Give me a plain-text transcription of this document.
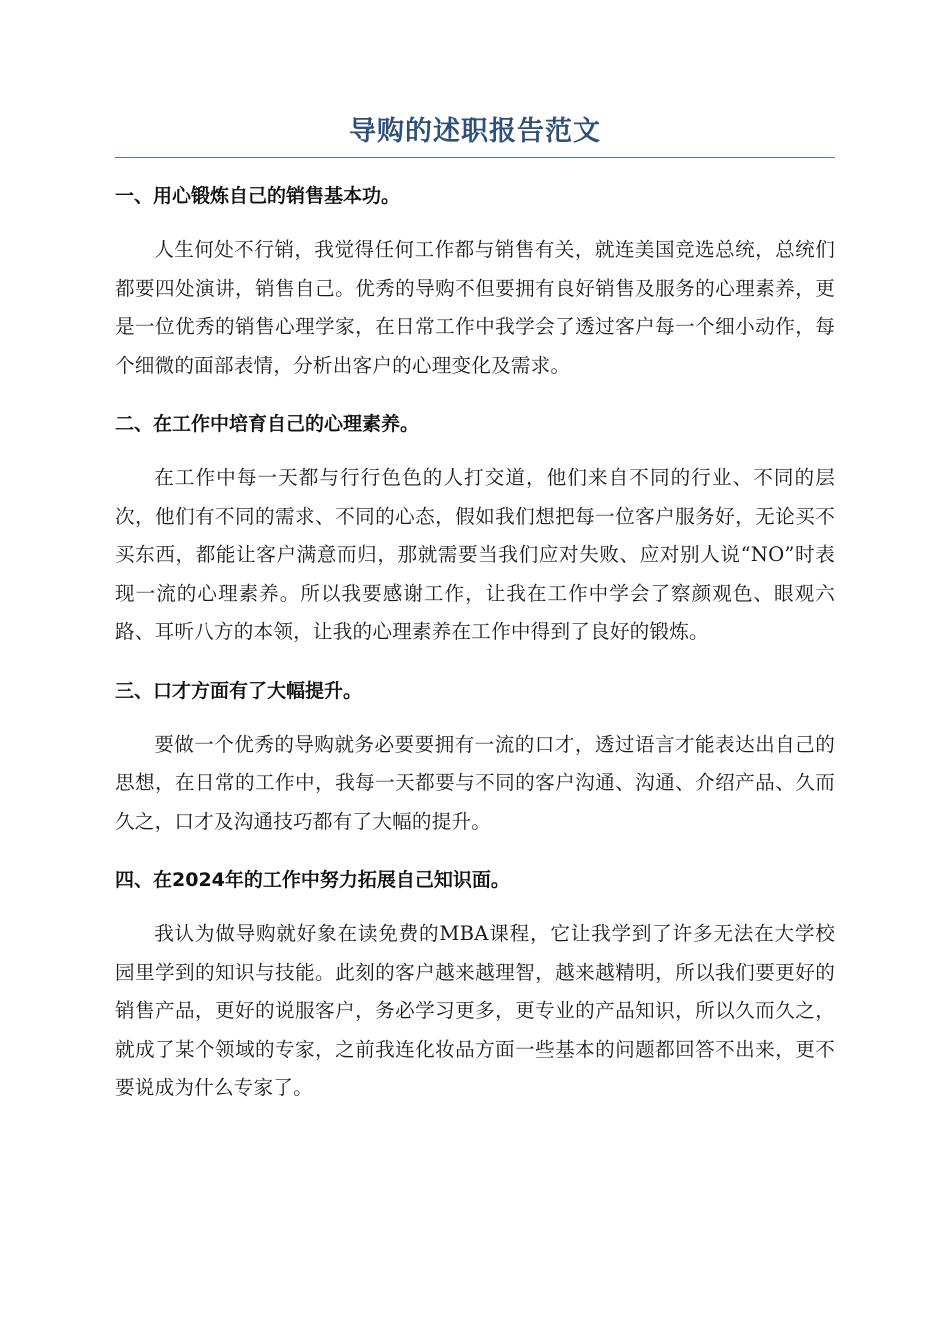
导购的述职报告范文
一、用心锻炼自己的销售基本功。

人生何处不行销，我觉得任何工作都与销售有关，就连美国竞选总统，总统们都要四处演讲，销售自己。优秀的导购不但要拥有良好销售及服务的心理素养，更是一位优秀的销售心理学家，在日常工作中我学会了透过客户每一个细小动作，每个细微的面部表情，分析出客户的心理变化及需求。

二、在工作中培育自己的心理素养。

在工作中每一天都与行行色色的人打交道，他们来自不同的行业、不同的层次，他们有不同的需求、不同的心态，假如我们想把每一位客户服务好，无论买不买东西，都能让客户满意而归，那就需要当我们应对失败、应对别人说“NO”时表现一流的心理素养。所以我要感谢工作，让我在工作中学会了察颜观色、眼观六路、耳听八方的本领，让我的心理素养在工作中得到了良好的锻炼。

三、口才方面有了大幅提升。

要做一个优秀的导购就务必要要拥有一流的口才，透过语言才能表达出自己的思想，在日常的工作中，我每一天都要与不同的客户沟通、沟通、介绍产品、久而久之，口才及沟通技巧都有了大幅的提升。

四、在2024年的工作中努力拓展自己知识面。

我认为做导购就好象在读免费的MBA课程，它让我学到了许多无法在大学校园里学到的知识与技能。此刻的客户越来越理智，越来越精明，所以我们要更好的销售产品，更好的说服客户，务必学习更多，更专业的产品知识，所以久而久之，就成了某个领域的专家，之前我连化妆品方面一些基本的问题都回答不出来，更不要说成为什么专家了。
